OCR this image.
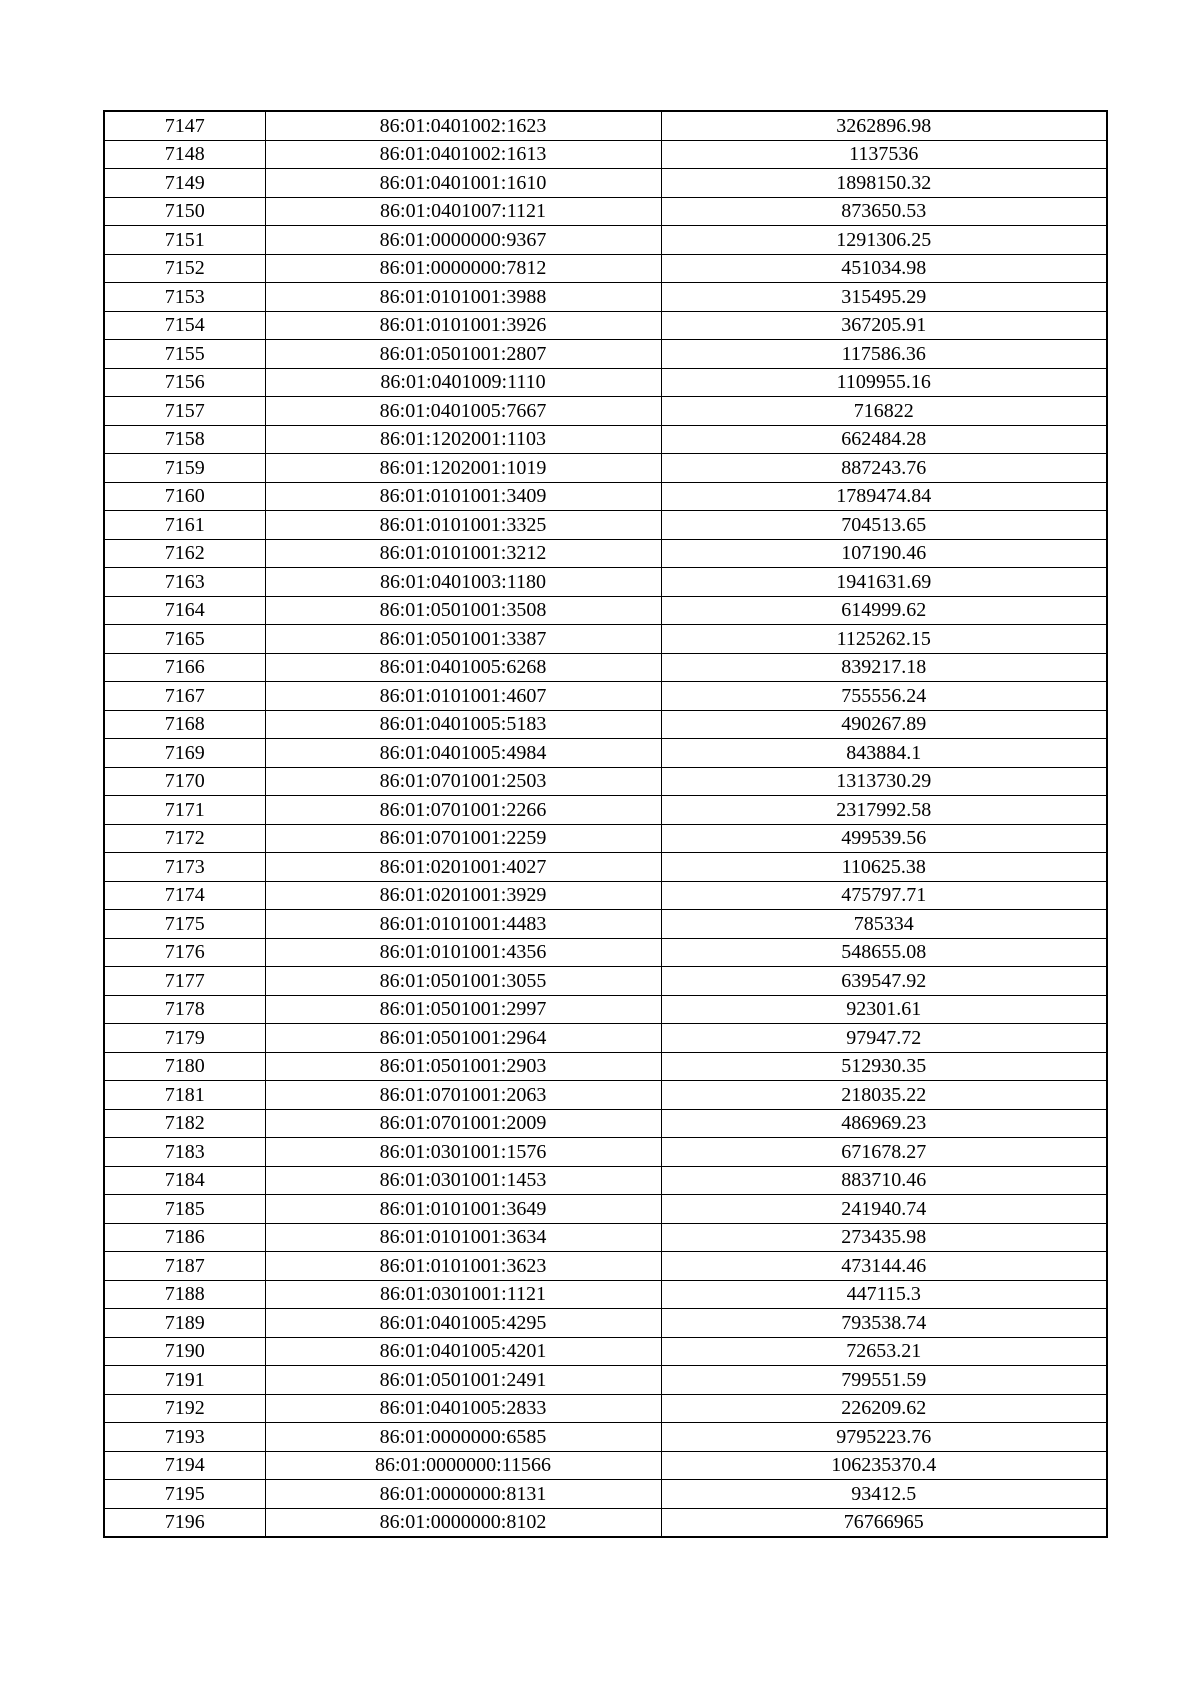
7147	86:01:0401002:1623	3262896.98
7148	86:01:0401002:1613	1137536
7149	86:01:0401001:1610	1898150.32
7150	86:01:0401007:1121	873650.53
7151	86:01:0000000:9367	1291306.25
7152	86:01:0000000:7812	451034.98
7153	86:01:0101001:3988	315495.29
7154	86:01:0101001:3926	367205.91
7155	86:01:0501001:2807	117586.36
7156	86:01:0401009:1110	1109955.16
7157	86:01:0401005:7667	716822
7158	86:01:1202001:1103	662484.28
7159	86:01:1202001:1019	887243.76
7160	86:01:0101001:3409	1789474.84
7161	86:01:0101001:3325	704513.65
7162	86:01:0101001:3212	107190.46
7163	86:01:0401003:1180	1941631.69
7164	86:01:0501001:3508	614999.62
7165	86:01:0501001:3387	1125262.15
7166	86:01:0401005:6268	839217.18
7167	86:01:0101001:4607	755556.24
7168	86:01:0401005:5183	490267.89
7169	86:01:0401005:4984	843884.1
7170	86:01:0701001:2503	1313730.29
7171	86:01:0701001:2266	2317992.58
7172	86:01:0701001:2259	499539.56
7173	86:01:0201001:4027	110625.38
7174	86:01:0201001:3929	475797.71
7175	86:01:0101001:4483	785334
7176	86:01:0101001:4356	548655.08
7177	86:01:0501001:3055	639547.92
7178	86:01:0501001:2997	92301.61
7179	86:01:0501001:2964	97947.72
7180	86:01:0501001:2903	512930.35
7181	86:01:0701001:2063	218035.22
7182	86:01:0701001:2009	486969.23
7183	86:01:0301001:1576	671678.27
7184	86:01:0301001:1453	883710.46
7185	86:01:0101001:3649	241940.74
7186	86:01:0101001:3634	273435.98
7187	86:01:0101001:3623	473144.46
7188	86:01:0301001:1121	447115.3
7189	86:01:0401005:4295	793538.74
7190	86:01:0401005:4201	72653.21
7191	86:01:0501001:2491	799551.59
7192	86:01:0401005:2833	226209.62
7193	86:01:0000000:6585	9795223.76
7194	86:01:0000000:11566	106235370.4
7195	86:01:0000000:8131	93412.5
7196	86:01:0000000:8102	76766965
